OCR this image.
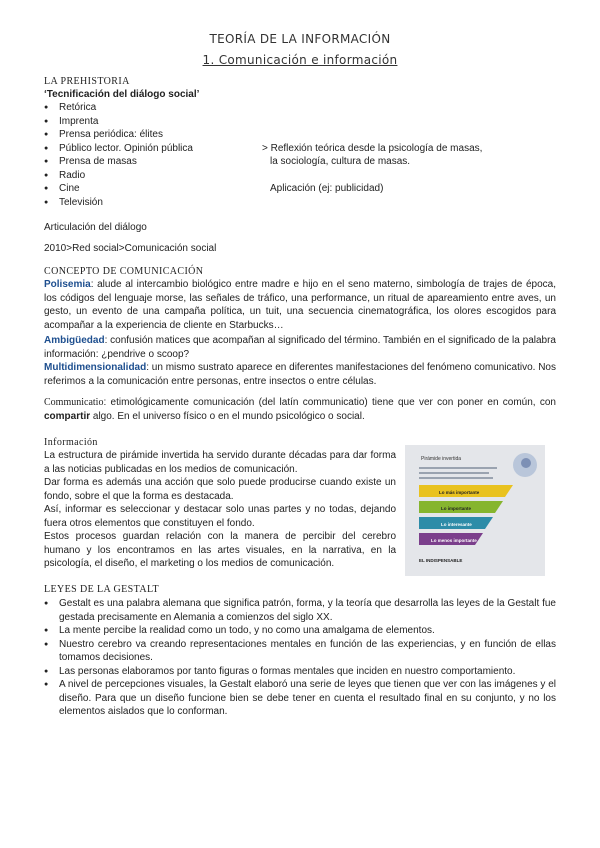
TEORÍA DE LA INFORMACIÓN
1. Comunicación e información
LA PREHISTORIA
‘Tecnificación del diálogo social’
● Retórica
● Imprenta
● Prensa periódica: élites
● Público lector. Opinión pública
● Prensa de masas
● Radio
● Cine
● Televisión
> Reflexión teórica desde la psicología de masas,
la sociología, cultura de masas.
Aplicación (ej: publicidad)
Articulación del diálogo
2010>Red social>Comunicación social
CONCEPTO DE COMUNICACIÓN
Polisemia: alude al intercambio biológico entre madre e hijo en el seno materno, simbología de trajes de época, los códigos del lenguaje morse, las señales de tráfico, una performance, un ritual de apareamiento entre aves, un gesto, un evento de una campaña política, un tuit, una secuencia cinematográfica, los olores escogidos para acompañar a la experiencia de cliente en Starbucks…
Ambigüedad: confusión matices que acompañan al significado del término. También en el significado de la palabra información: ¿pendrive o scoop?
Multidimensionalidad: un mismo sustrato aparece en diferentes manifestaciones del fenómeno comunicativo. Nos referimos a la comunicación entre personas, entre insectos o entre células.
Communicatio: etimológicamente comunicación (del latín communicatio) tiene que ver con poner en común, con compartir algo. En el universo físico o en el mundo psicológico o social.
Información
La estructura de pirámide invertida ha servido durante décadas para dar forma a las noticias publicadas en los medios de comunicación.
Dar forma es además una acción que solo puede producirse cuando existe un fondo, sobre el que la forma es destacada.
Así, informar es seleccionar y destacar solo unas partes y no todas, dejando fuera otros elementos que constituyen el fondo.
Estos procesos guardan relación con la manera de percibir del cerebro humano y los encontramos en las artes visuales, en la narrativa, en la psicología, el diseño, el marketing o los medios de comunicación.
Pirámide invertida
Lo más importante
Lo importante
Lo interesante
Lo menos importante
EL INDISPENSABLE
LEYES DE LA GESTALT
● Gestalt es una palabra alemana que significa patrón, forma, y la teoría que desarrolla las leyes de la Gestalt fue gestada precisamente en Alemania a comienzos del siglo XX.
● La mente percibe la realidad como un todo, y no como una amalgama de elementos.
● Nuestro cerebro va creando representaciones mentales en función de las experiencias, y en función de ellas tomamos decisiones.
● Las personas elaboramos por tanto figuras o formas mentales que inciden en nuestro comportamiento.
● A nivel de percepciones visuales, la Gestalt elaboró una serie de leyes que tienen que ver con las imágenes y el diseño. Para que un diseño funcione bien se debe tener en cuenta el resultado final en su conjunto, y no los elementos aislados que lo conforman.
